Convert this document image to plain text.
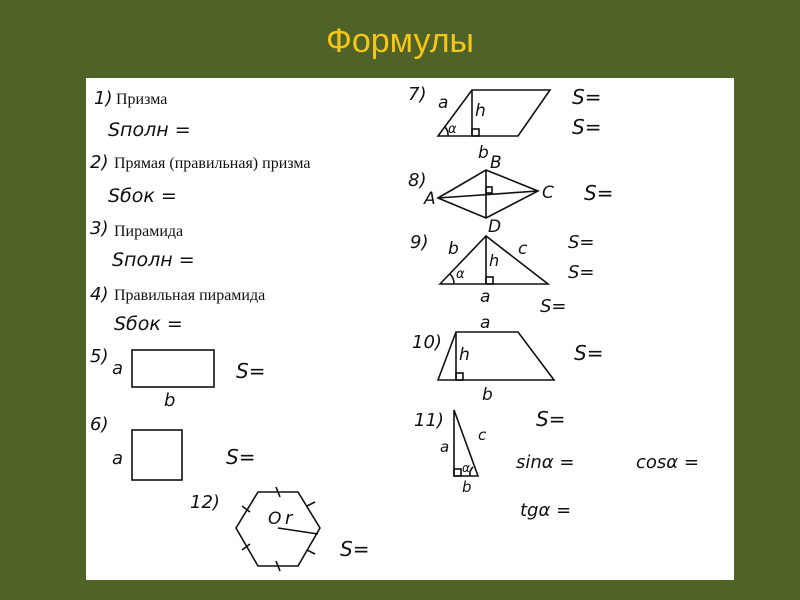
Формулы
1) Призма
Sполн =
2) Прямая (правильная) призма
Sбок =
3) Пирамида
Sполн =
4) Правильная пирамида
Sбок =
5)
a
b
S=
6)
a	S=
12)
O r
S=
7) a h
α
b
S=
S=
8)
A
B
C
D
S=
9) b	c
α
h
a
S=
S=
S=
10)
a
h
b
S=
11)
a
c
α
b
S=
sinα =	cosα =
tgα =
